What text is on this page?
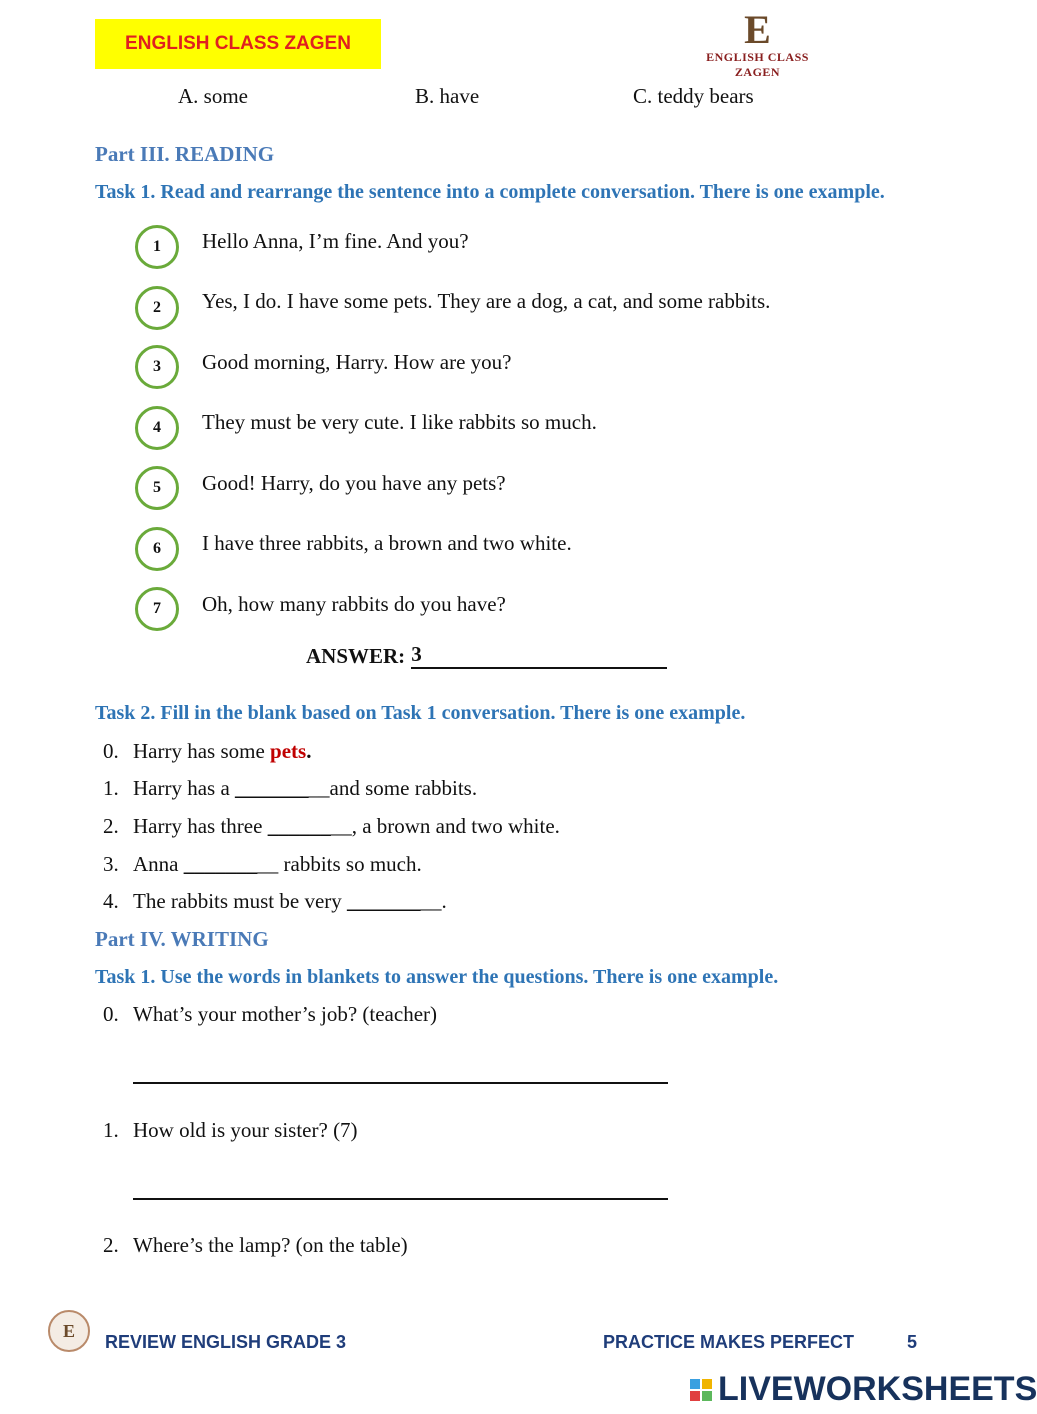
ENGLISH CLASS ZAGEN	E
ENGLISH CLASS ZAGEN
A. some	B. have	C. teddy bears
Part III. READING
Task 1. Read and rearrange the sentence into a complete conversation. There is one example.
1	Hello Anna, I’m fine. And you?
2	Yes, I do. I have some pets. They are a dog, a cat, and some rabbits.
3	Good morning, Harry. How are you?
4	They must be very cute. I like rabbits so much.
5	Good! Harry, do you have any pets?
6	I have three rabbits, a brown and two white.
7	Oh, how many rabbits do you have?
ANSWER: 3
Task 2. Fill in the blank based on Task 1 conversation. There is one example.
0. Harry has some pets.
1. Harry has a _________and some rabbits.
2. Harry has three ________, a brown and two white.
3. Anna _________ rabbits so much.
4. The rabbits must be very _________.
Part IV. WRITING
Task 1. Use the words in blankets to answer the questions. There is one example.
0. What’s your mother’s job? (teacher)
1. How old is your sister? (7)
2. Where’s the lamp? (on the table)
E
REVIEW ENGLISH GRADE 3	PRACTICE MAKES PERFECT	5
LIVEWORKSHEETS
